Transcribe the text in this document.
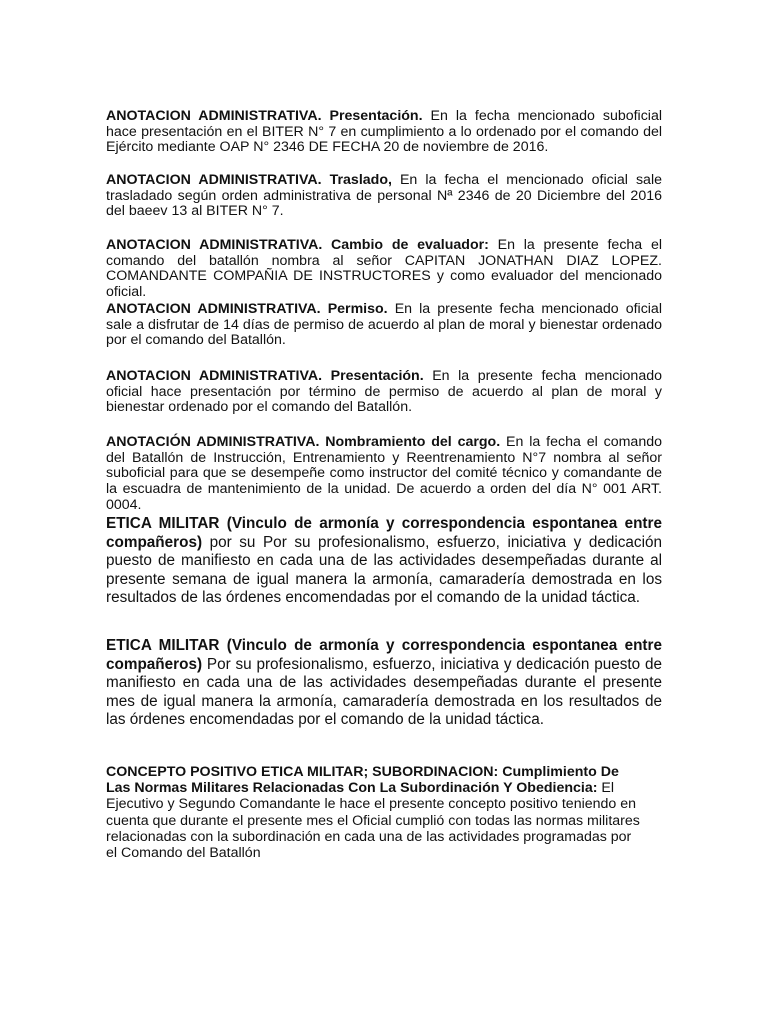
ANOTACION ADMINISTRATIVA. Presentación. En la fecha mencionado suboficial hace presentación en el BITER N° 7 en cumplimiento a lo ordenado por el comando del Ejército mediante OAP N° 2346 DE FECHA 20 de noviembre de 2016.

ANOTACION ADMINISTRATIVA. Traslado, En la fecha el mencionado oficial sale trasladado según orden administrativa de personal Nª 2346 de 20 Diciembre del 2016 del baeev 13 al BITER N° 7.

ANOTACION ADMINISTRATIVA. Cambio de evaluador: En la presente fecha el comando del batallón nombra al señor CAPITAN JONATHAN DIAZ LOPEZ. COMANDANTE COMPAÑIA DE INSTRUCTORES y como evaluador del mencionado oficial.

ANOTACION ADMINISTRATIVA. Permiso. En la presente fecha mencionado oficial sale a disfrutar de 14 días de permiso de acuerdo al plan de moral y bienestar ordenado por el comando del Batallón.

ANOTACION ADMINISTRATIVA. Presentación. En la presente fecha mencionado oficial hace presentación por término de permiso de acuerdo al plan de moral y bienestar ordenado por el comando del Batallón.

ANOTACIÓN ADMINISTRATIVA. Nombramiento del cargo. En la fecha el comando del Batallón de Instrucción, Entrenamiento y Reentrenamiento N°7 nombra al señor suboficial para que se desempeñe como instructor del comité técnico y comandante de la escuadra de mantenimiento de la unidad. De acuerdo a orden del día N° 001 ART. 0004.

ETICA MILITAR (Vinculo de armonía y correspondencia espontanea entre compañeros) por su Por su profesionalismo, esfuerzo, iniciativa y dedicación puesto de manifiesto en cada una de las actividades desempeñadas durante al presente semana de igual manera la armonía, camaradería demostrada en los resultados de las órdenes encomendadas por el comando de la unidad táctica.

ETICA MILITAR (Vinculo de armonía y correspondencia espontanea entre compañeros) Por su profesionalismo, esfuerzo, iniciativa y dedicación puesto de manifiesto en cada una de las actividades desempeñadas durante el presente mes de igual manera la armonía, camaradería demostrada en los resultados de las órdenes encomendadas por el comando de la unidad táctica.

CONCEPTO POSITIVO ETICA MILITAR; SUBORDINACION: Cumplimiento De Las Normas Militares Relacionadas Con La Subordinación Y Obediencia: El Ejecutivo y Segundo Comandante le hace el presente concepto positivo teniendo en cuenta que durante el presente mes el Oficial cumplió con todas las normas militares relacionadas con la subordinación en cada una de las actividades programadas por el Comando del Batallón
